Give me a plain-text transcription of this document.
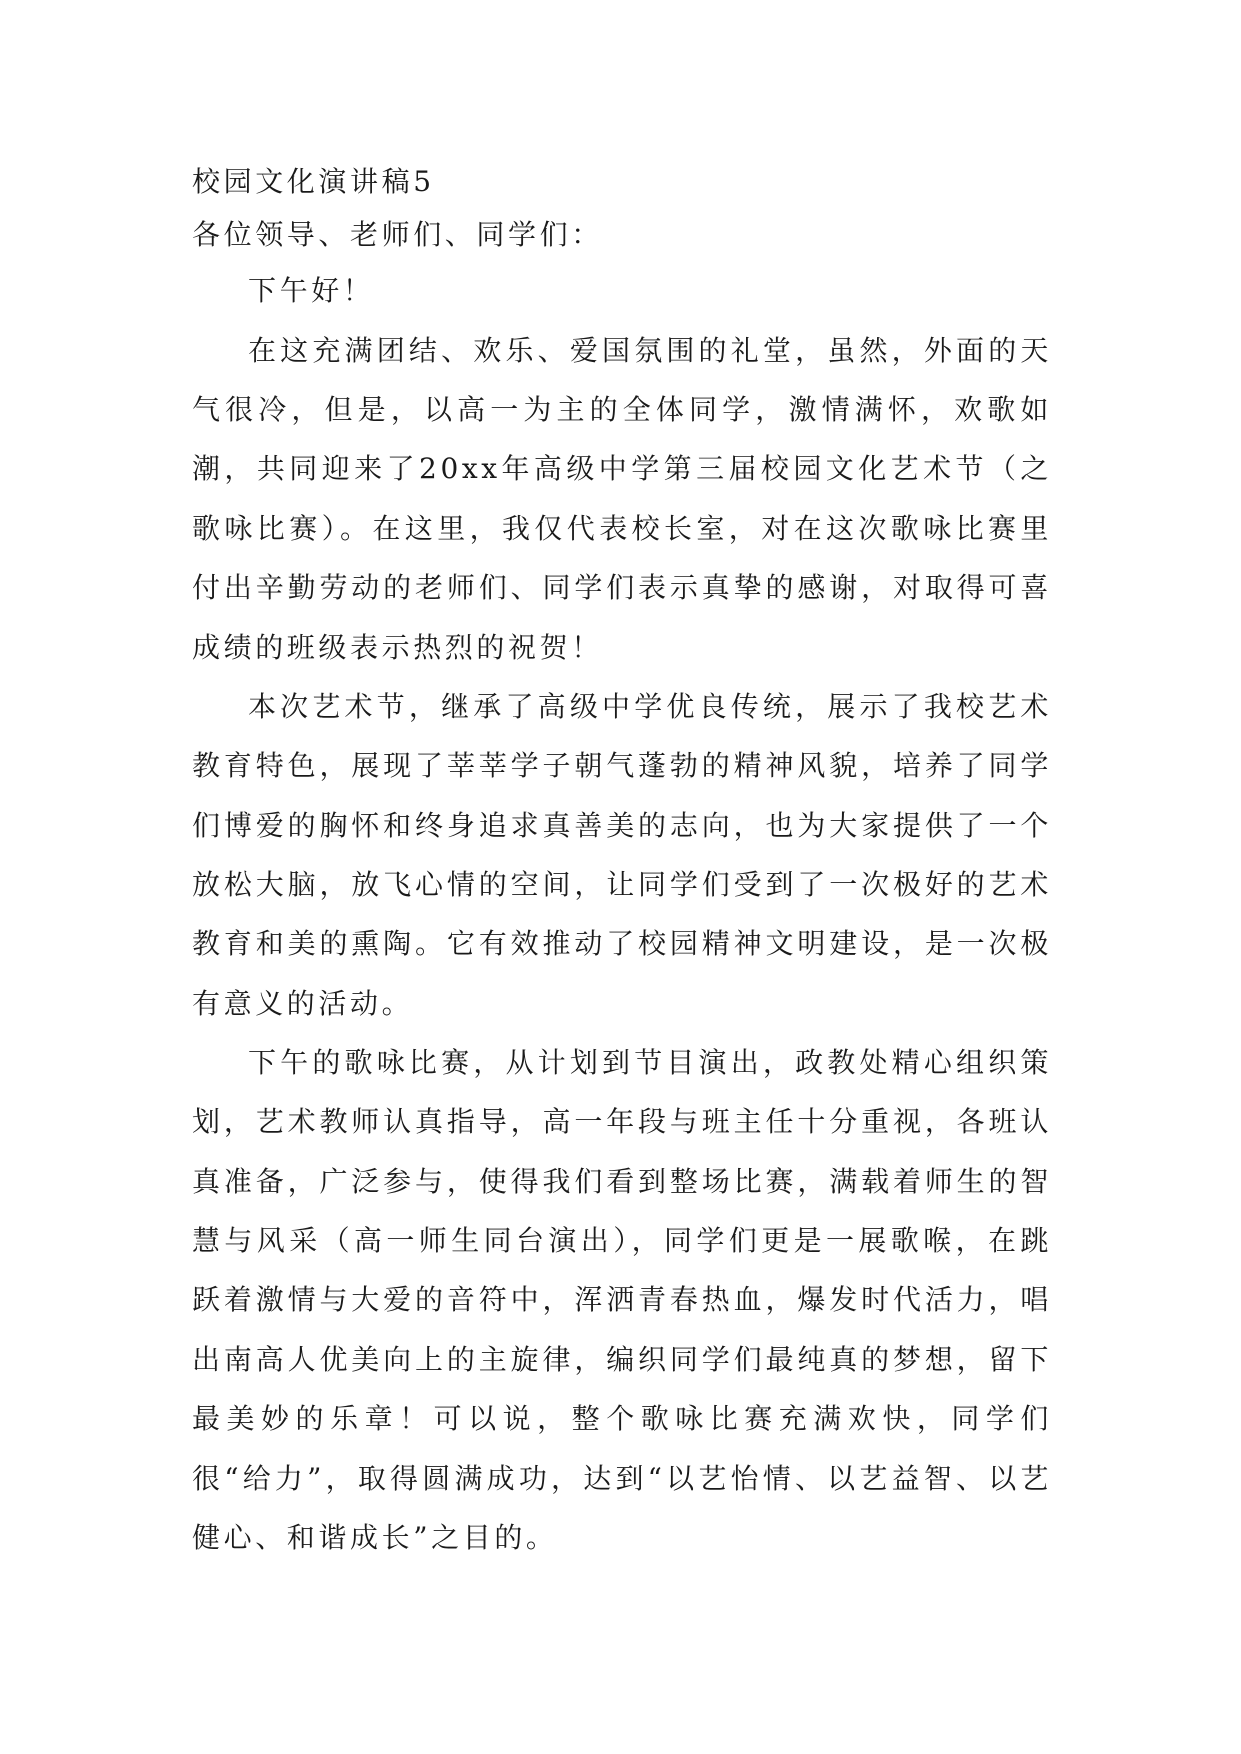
校园文化演讲稿5

各位领导、老师们、同学们：

下午好！

在这充满团结、欢乐、爱国氛围的礼堂，虽然，外面的天气很冷，但是，以高一为主的全体同学，激情满怀，欢歌如潮，共同迎来了20xx年高级中学第三届校园文化艺术节（之歌咏比赛）。在这里，我仅代表校长室，对在这次歌咏比赛里付出辛勤劳动的老师们、同学们表示真挚的感谢，对取得可喜成绩的班级表示热烈的祝贺！

本次艺术节，继承了高级中学优良传统，展示了我校艺术教育特色，展现了莘莘学子朝气蓬勃的精神风貌，培养了同学们博爱的胸怀和终身追求真善美的志向，也为大家提供了一个放松大脑，放飞心情的空间，让同学们受到了一次极好的艺术教育和美的熏陶。它有效推动了校园精神文明建设，是一次极有意义的活动。

下午的歌咏比赛，从计划到节目演出，政教处精心组织策划，艺术教师认真指导，高一年段与班主任十分重视，各班认真准备，广泛参与，使得我们看到整场比赛，满载着师生的智慧与风采（高一师生同台演出），同学们更是一展歌喉，在跳跃着激情与大爱的音符中，浑洒青春热血，爆发时代活力，唱出南高人优美向上的主旋律，编织同学们最纯真的梦想，留下最美妙的乐章！可以说，整个歌咏比赛充满欢快，同学们很“给力”，取得圆满成功，达到“以艺怡情、以艺益智、以艺健心、和谐成长”之目的。
